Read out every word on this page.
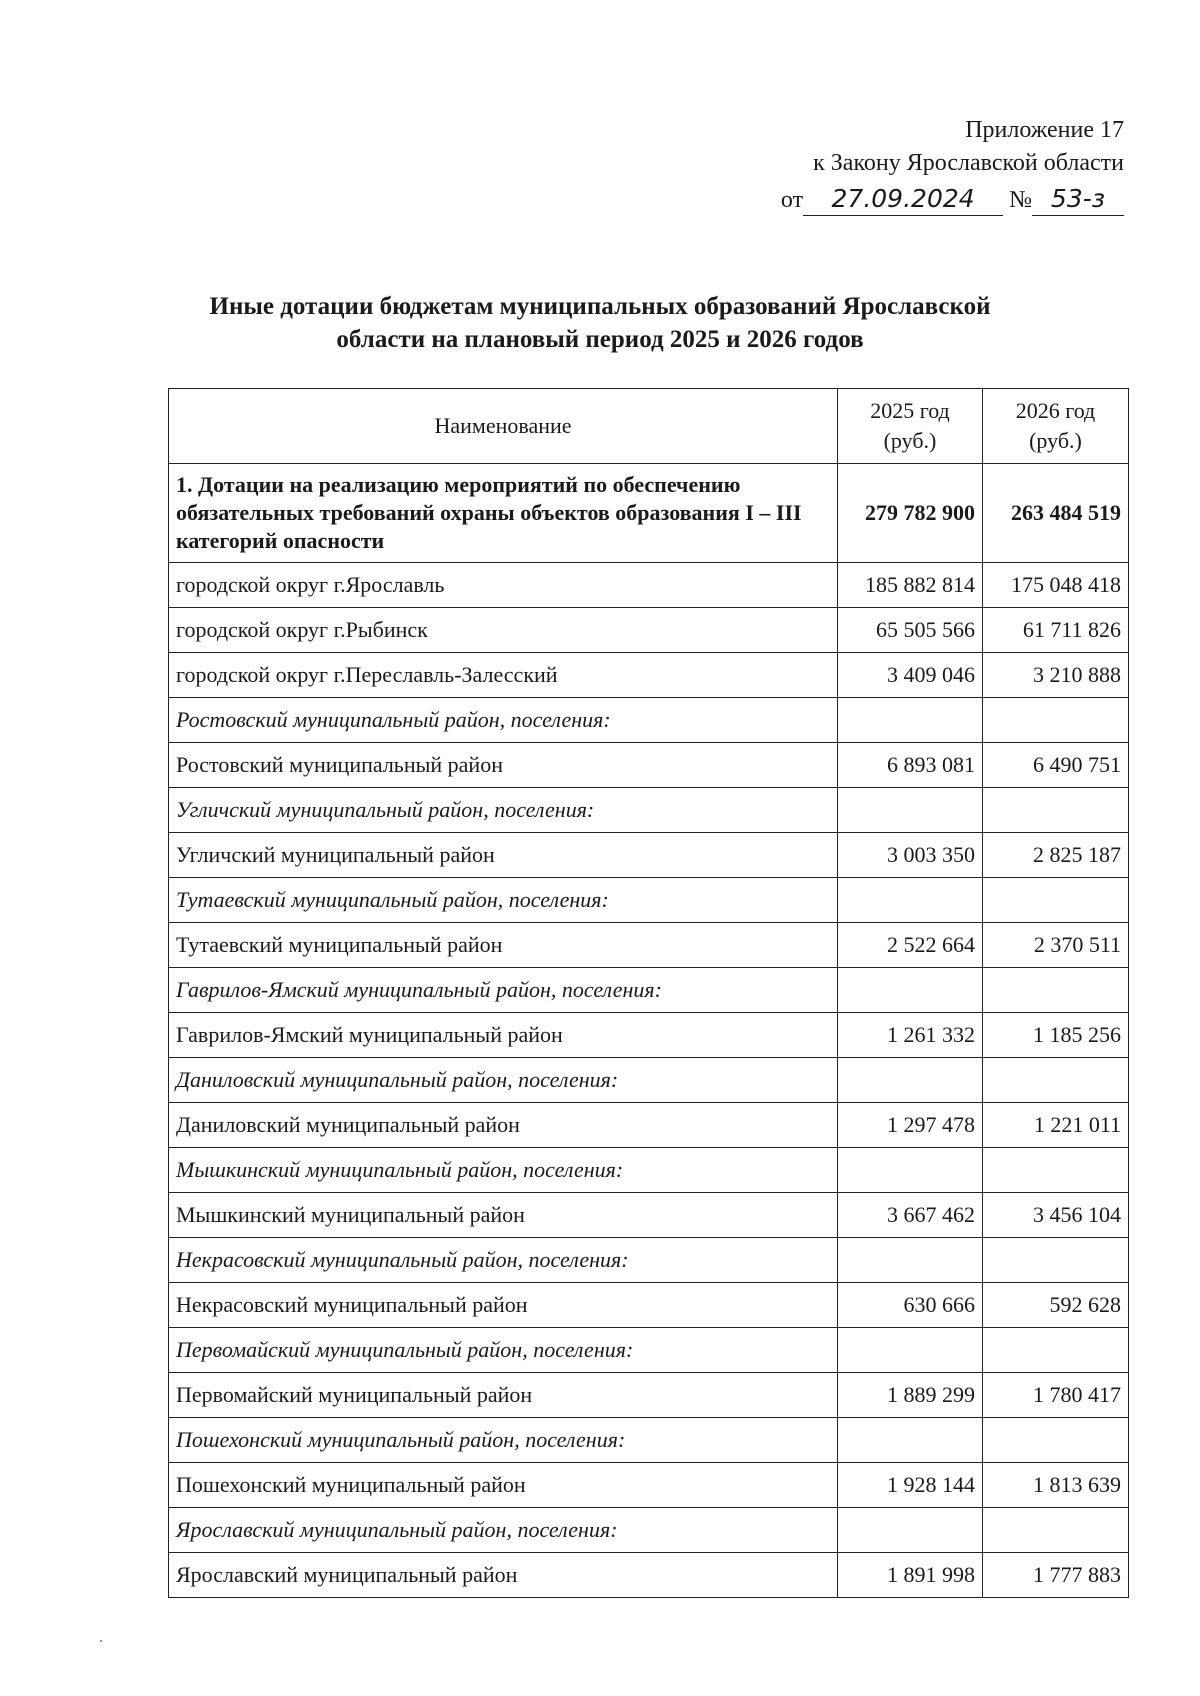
Приложение 17
к Закону Ярославской области
от 27.09.2024 № 53-з
Иные дотации бюджетам муниципальных образований Ярославской
области на плановый период 2025 и 2026 годов
Наименование	2025 год (руб.)	2026 год (руб.)
1. Дотации на реализацию мероприятий по обеспечению обязательных требований охраны объектов образования I – III категорий опасности	279 782 900	263 484 519
городской округ г.Ярославль	185 882 814	175 048 418
городской округ г.Рыбинск	65 505 566	61 711 826
городской округ г.Переславль-Залесский	3 409 046	3 210 888
Ростовский муниципальный район, поселения:		
Ростовский муниципальный район	6 893 081	6 490 751
Угличский муниципальный район, поселения:		
Угличский муниципальный район	3 003 350	2 825 187
Тутаевский муниципальный район, поселения:		
Тутаевский муниципальный район	2 522 664	2 370 511
Гаврилов-Ямский муниципальный район, поселения:		
Гаврилов-Ямский муниципальный район	1 261 332	1 185 256
Даниловский муниципальный район, поселения:		
Даниловский муниципальный район	1 297 478	1 221 011
Мышкинский муниципальный район, поселения:		
Мышкинский муниципальный район	3 667 462	3 456 104
Некрасовский муниципальный район, поселения:		
Некрасовский муниципальный район	630 666	592 628
Первомайский муниципальный район, поселения:		
Первомайский муниципальный район	1 889 299	1 780 417
Пошехонский муниципальный район, поселения:		
Пошехонский муниципальный район	1 928 144	1 813 639
Ярославский муниципальный район, поселения:		
Ярославский муниципальный район	1 891 998	1 777 883
